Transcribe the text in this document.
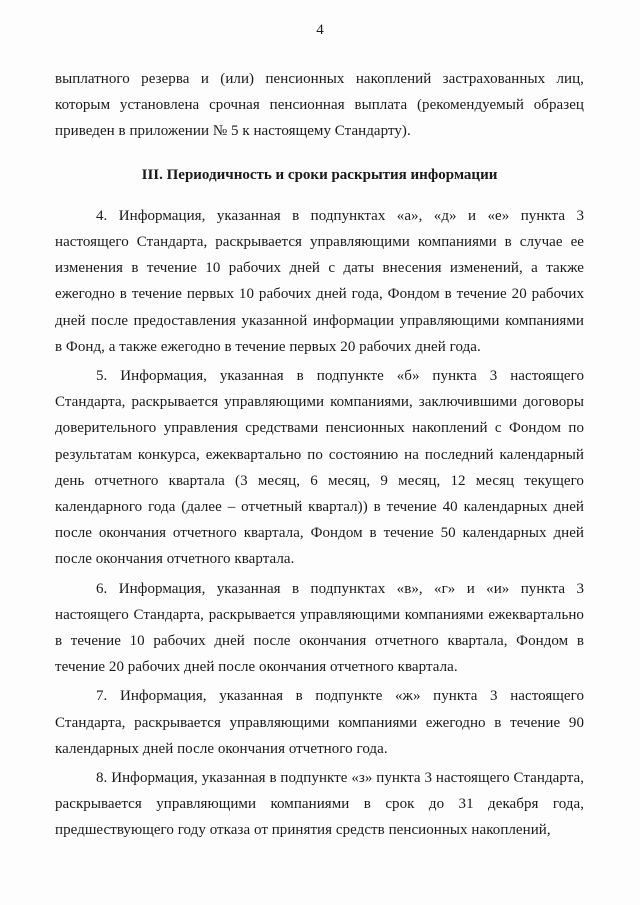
4

выплатного резерва и (или) пенсионных накоплений застрахованных лиц, которым установлена срочная пенсионная выплата (рекомендуемый образец приведен в приложении № 5 к настоящему Стандарту).

III. Периодичность и сроки раскрытия информации

4. Информация, указанная в подпунктах «а», «д» и «е» пункта 3 настоящего Стандарта, раскрывается управляющими компаниями в случае ее изменения в течение 10 рабочих дней с даты внесения изменений, а также ежегодно в течение первых 10 рабочих дней года, Фондом в течение 20 рабочих дней после предоставления указанной информации управляющими компаниями в Фонд, а также ежегодно в течение первых 20 рабочих дней года.

5. Информация, указанная в подпункте «б» пункта 3 настоящего Стандарта, раскрывается управляющими компаниями, заключившими договоры доверительного управления средствами пенсионных накоплений с Фондом по результатам конкурса, ежеквартально по состоянию на последний календарный день отчетного квартала (3 месяц, 6 месяц, 9 месяц, 12 месяц текущего календарного года (далее – отчетный квартал)) в течение 40 календарных дней после окончания отчетного квартала, Фондом в течение 50 календарных дней после окончания отчетного квартала.

6. Информация, указанная в подпунктах «в», «г» и «и» пункта 3 настоящего Стандарта, раскрывается управляющими компаниями ежеквартально в течение 10 рабочих дней после окончания отчетного квартала, Фондом в течение 20 рабочих дней после окончания отчетного квартала.

7. Информация, указанная в подпункте «ж» пункта 3 настоящего Стандарта, раскрывается управляющими компаниями ежегодно в течение 90 календарных дней после окончания отчетного года.

8. Информация, указанная в подпункте «з» пункта 3 настоящего Стандарта, раскрывается управляющими компаниями в срок до 31 декабря года, предшествующего году отказа от принятия средств пенсионных накоплений,
